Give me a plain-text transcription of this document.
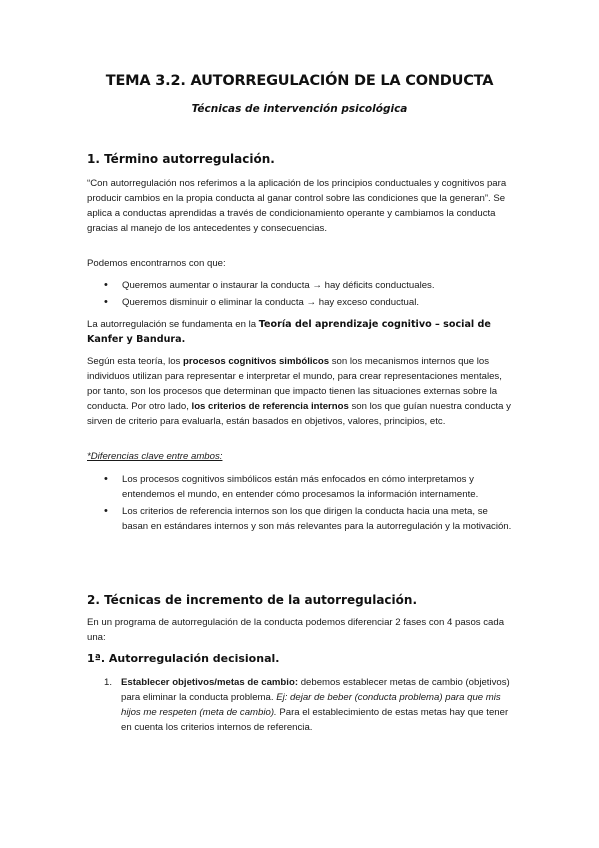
TEMA 3.2. AUTORREGULACIÓN DE LA CONDUCTA
Técnicas de intervención psicológica
1. Término autorregulación.
“Con autorregulación nos referimos a la aplicación de los principios conductuales y cognitivos para producir cambios en la propia conducta al ganar control sobre las condiciones que la generan”. Se aplica a conductas aprendidas a través de condicionamiento operante y cambiamos la conducta gracias al manejo de los antecedentes y consecuencias.
Podemos encontrarnos con que:
• Queremos aumentar o instaurar la conducta → hay déficits conductuales.
• Queremos disminuir o eliminar la conducta → hay exceso conductual.
La autorregulación se fundamenta en la Teoría del aprendizaje cognitivo – social de Kanfer y Bandura.
Según esta teoría, los procesos cognitivos simbólicos son los mecanismos internos que los individuos utilizan para representar e interpretar el mundo, para crear representaciones mentales, por tanto, son los procesos que determinan que impacto tienen las situaciones externas sobre la conducta. Por otro lado, los criterios de referencia internos son los que guían nuestra conducta y sirven de criterio para evaluarla, están basados en objetivos, valores, principios, etc.
*Diferencias clave entre ambos:
• Los procesos cognitivos simbólicos están más enfocados en cómo interpretamos y entendemos el mundo, en entender cómo procesamos la información internamente.
• Los criterios de referencia internos son los que dirigen la conducta hacia una meta, se basan en estándares internos y son más relevantes para la autorregulación y la motivación.
2. Técnicas de incremento de la autorregulación.
En un programa de autorregulación de la conducta podemos diferenciar 2 fases con 4 pasos cada una:
1ª. Autorregulación decisional.
1. Establecer objetivos/metas de cambio: debemos establecer metas de cambio (objetivos) para eliminar la conducta problema. Ej: dejar de beber (conducta problema) para que mis hijos me respeten (meta de cambio). Para el establecimiento de estas metas hay que tener en cuenta los criterios internos de referencia.
